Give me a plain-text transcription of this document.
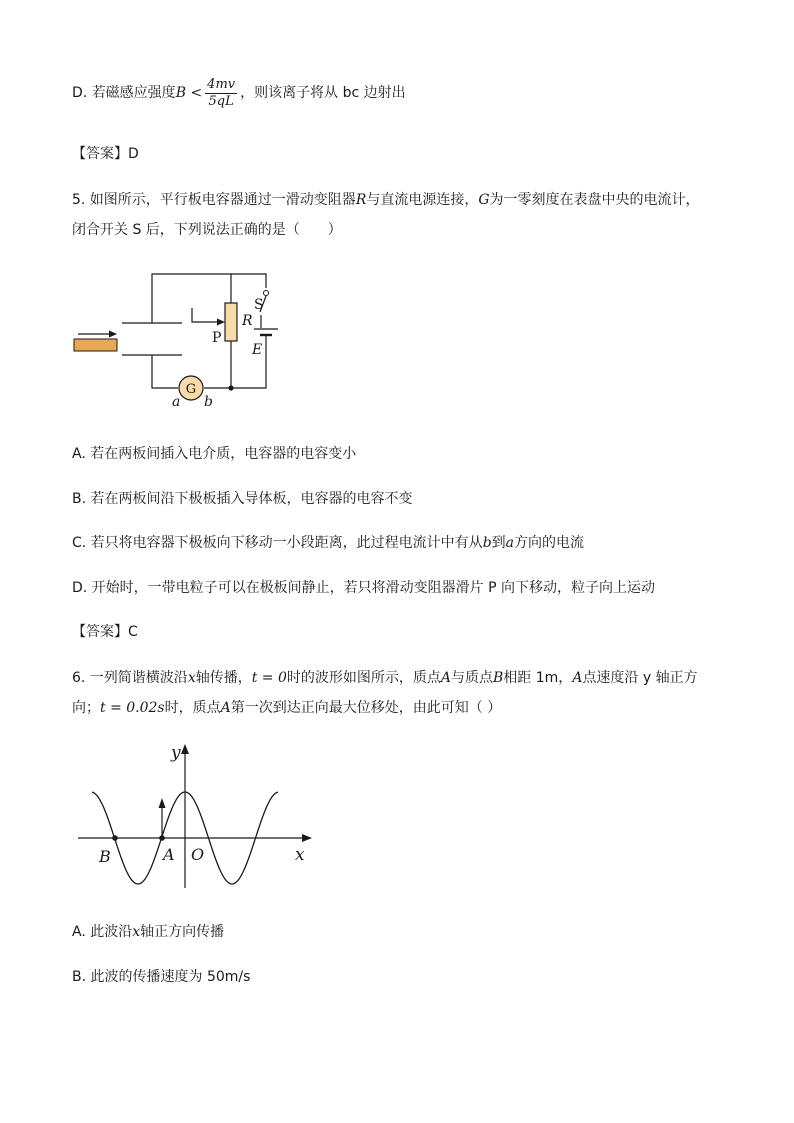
D. 若磁感应强度$B < \frac{4mv}{5qL}$ ，则该离子将从 bc 边射出
【答案】D
5. 如图所示，平行板电容器通过一滑动变阻器R与直流电源连接，G为一零刻度在表盘中央的电流计，
闭合开关 S 后，下列说法正确的是（　　）
G
P
R
S
E
a b
A. 若在两板间插入电介质，电容器的电容变小
B. 若在两板间沿下极板插入导体板，电容器的电容不变
C. 若只将电容器下极板向下移动一小段距离，此过程电流计中有从b到a方向的电流
D. 开始时，一带电粒子可以在极板间静止，若只将滑动变阻器滑片 P 向下移动，粒子向上运动
【答案】C
6. 一列简谐横波沿x轴传播，t = 0时的波形如图所示，质点A与质点B相距 1m，A点速度沿 y 轴正方
向；t = 0.02s时，质点A第一次到达正向最大位移处，由此可知（ ）
y
x
O
A
B
A. 此波沿x轴正方向传播
B. 此波的传播速度为 50m/s
